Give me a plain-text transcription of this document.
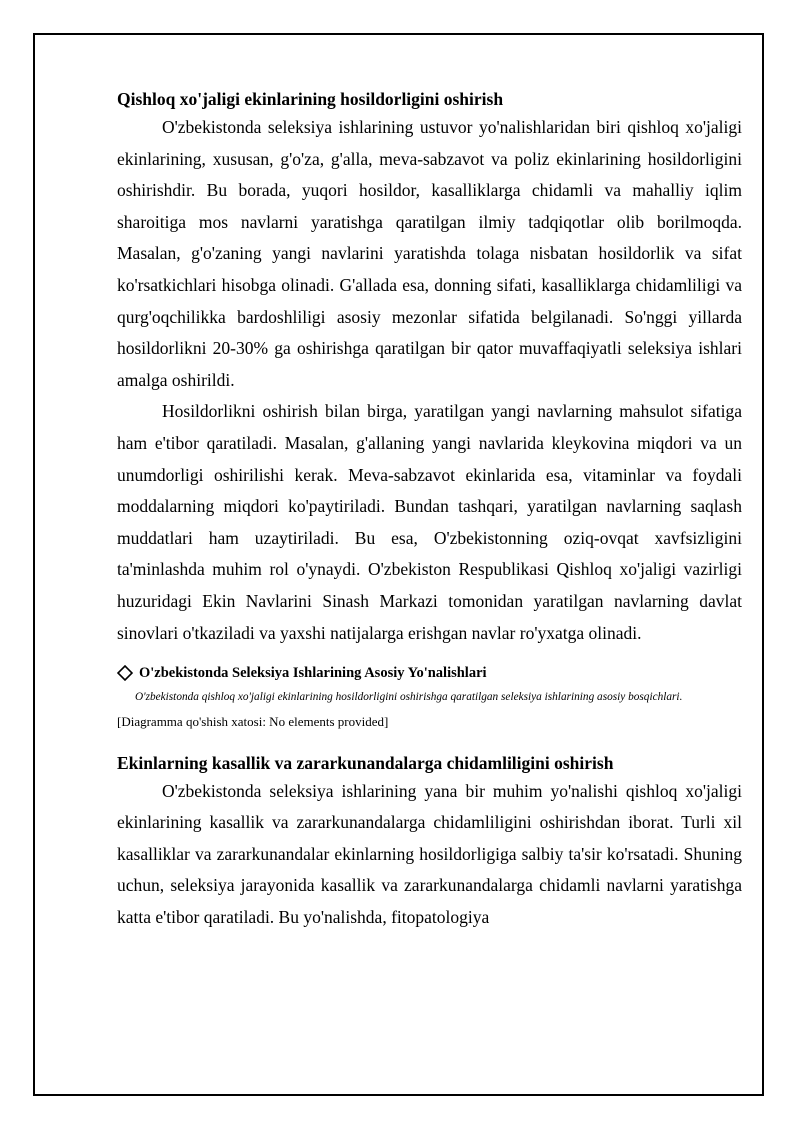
Qishloq xo'jaligi ekinlarining hosildorligini oshirish

O'zbekistonda seleksiya ishlarining ustuvor yo'nalishlaridan biri qishloq xo'jaligi ekinlarining, xususan, g'o'za, g'alla, meva-sabzavot va poliz ekinlarining hosildorligini oshirishdir. Bu borada, yuqori hosildor, kasalliklarga chidamli va mahalliy iqlim sharoitiga mos navlarni yaratishga qaratilgan ilmiy tadqiqotlar olib borilmoqda. Masalan, g'o'zaning yangi navlarini yaratishda tolaga nisbatan hosildorlik va sifat ko'rsatkichlari hisobga olinadi. G'allada esa, donning sifati, kasalliklarga chidamliligi va qurg'oqchilikka bardoshliligi asosiy mezonlar sifatida belgilanadi. So'nggi yillarda hosildorlikni 20-30% ga oshirishga qaratilgan bir qator muvaffaqiyatli seleksiya ishlari amalga oshirildi.

Hosildorlikni oshirish bilan birga, yaratilgan yangi navlarning mahsulot sifatiga ham e'tibor qaratiladi. Masalan, g'allaning yangi navlarida kleykovina miqdori va un unumdorligi oshirilishi kerak. Meva-sabzavot ekinlarida esa, vitaminlar va foydali moddalarning miqdori ko'paytiriladi. Bundan tashqari, yaratilgan navlarning saqlash muddatlari ham uzaytiriladi. Bu esa, O'zbekistonning oziq-ovqat xavfsizligini ta'minlashda muhim rol o'ynaydi. O'zbekiston Respublikasi Qishloq xo'jaligi vazirligi huzuridagi Ekin Navlarini Sinash Markazi tomonidan yaratilgan navlarning davlat sinovlari o'tkaziladi va yaxshi natijalarga erishgan navlar ro'yxatga olinadi.

O'zbekistonda Seleksiya Ishlarining Asosiy Yo'nalishlari
O'zbekistonda qishloq xo'jaligi ekinlarining hosildorligini oshirishga qaratilgan seleksiya ishlarining asosiy bosqichlari.
[Diagramma qo'shish xatosi: No elements provided]
Ekinlarning kasallik va zararkunandalarga chidamliligini oshirish

O'zbekistonda seleksiya ishlarining yana bir muhim yo'nalishi qishloq xo'jaligi ekinlarining kasallik va zararkunandalarga chidamliligini oshirishdan iborat. Turli xil kasalliklar va zararkunandalar ekinlarning hosildorligiga salbiy ta'sir ko'rsatadi. Shuning uchun, seleksiya jarayonida kasallik va zararkunandalarga chidamli navlarni yaratishga katta e'tibor qaratiladi. Bu yo'nalishda, fitopatologiya
